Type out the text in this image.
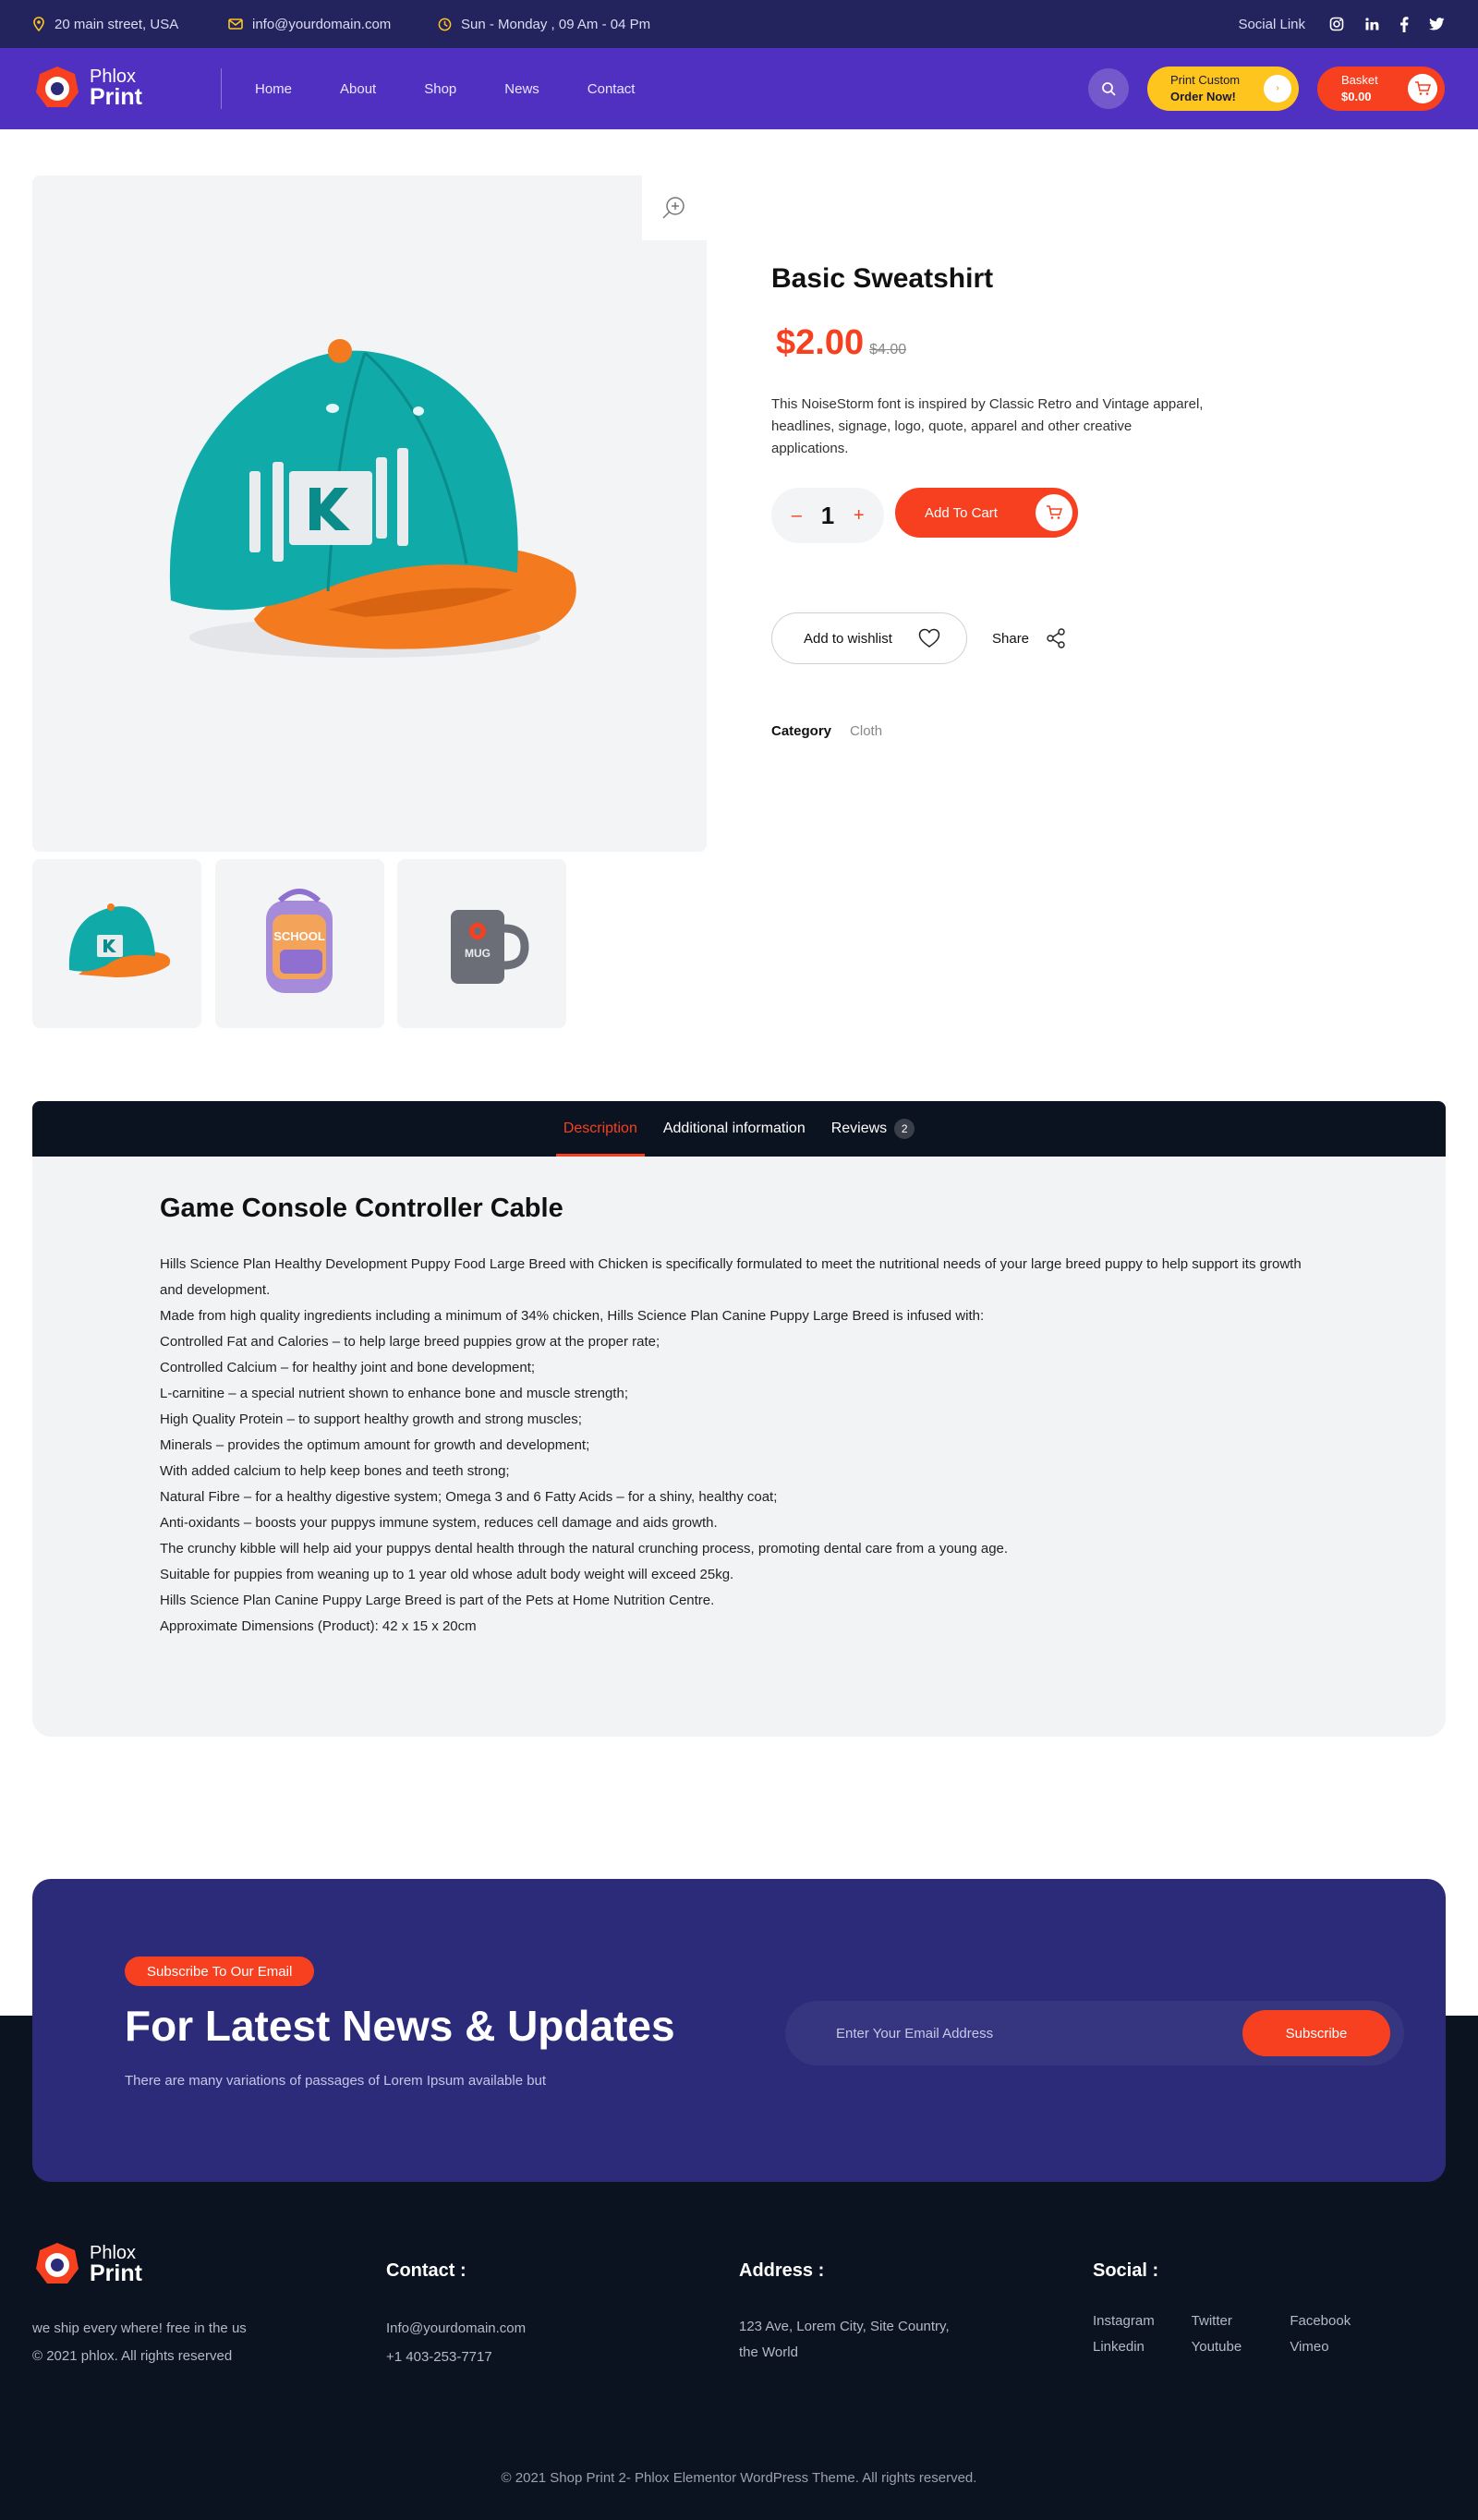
20 main street, USA	info@yourdomain.com	Sun - Monday , 09 Am - 04 Pm	Social Link
Phlox
Print	Home	About	Shop	News	Contact
Print Custom
Order Now!
›
Basket
$0.00
SCHOOL
MUG
Basic Sweatshirt
$2.00 $4.00
This NoiseStorm font is inspired by Classic Retro and Vintage apparel, headlines, signage, logo, quote, apparel and other creative applications.
– 1	+	Add To Cart
Add to wishlist	Share
Category Cloth
Description Additional information Reviews	2
Game Console Controller Cable
Hills Science Plan Healthy Development Puppy Food Large Breed with Chicken is specifically formulated to meet the nutritional needs of your large breed puppy to help support its growth and development.
Made from high quality ingredients including a minimum of 34% chicken, Hills Science Plan Canine Puppy Large Breed is infused with:
Controlled Fat and Calories – to help large breed puppies grow at the proper rate;
Controlled Calcium – for healthy joint and bone development;
L-carnitine – a special nutrient shown to enhance bone and muscle strength;
High Quality Protein – to support healthy growth and strong muscles;
Minerals – provides the optimum amount for growth and development;
With added calcium to help keep bones and teeth strong;
Natural Fibre – for a healthy digestive system; Omega 3 and 6 Fatty Acids – for a shiny, healthy coat;
Anti-oxidants – boosts your puppys immune system, reduces cell damage and aids growth.
The crunchy kibble will help aid your puppys dental health through the natural crunching process, promoting dental care from a young age.
Suitable for puppies from weaning up to 1 year old whose adult body weight will exceed 25kg.
Hills Science Plan Canine Puppy Large Breed is part of the Pets at Home Nutrition Centre.
Approximate Dimensions (Product): 42 x 15 x 20cm
Subscribe To Our Email
For Latest News & Updates
There are many variations of passages of Lorem Ipsum available but
Enter Your Email Address	Subscribe
Phlox
Print
we ship every where! free in the us
© 2021 phlox. All rights reserved
Contact :
Info@yourdomain.com
+1 403-253-7717
Address :
123 Ave, Lorem City, Site Country,
the World
Social :
Instagram	Twitter	Facebook
Linkedin	Youtube	Vimeo
© 2021 Shop Print 2- Phlox Elementor WordPress Theme. All rights reserved.
